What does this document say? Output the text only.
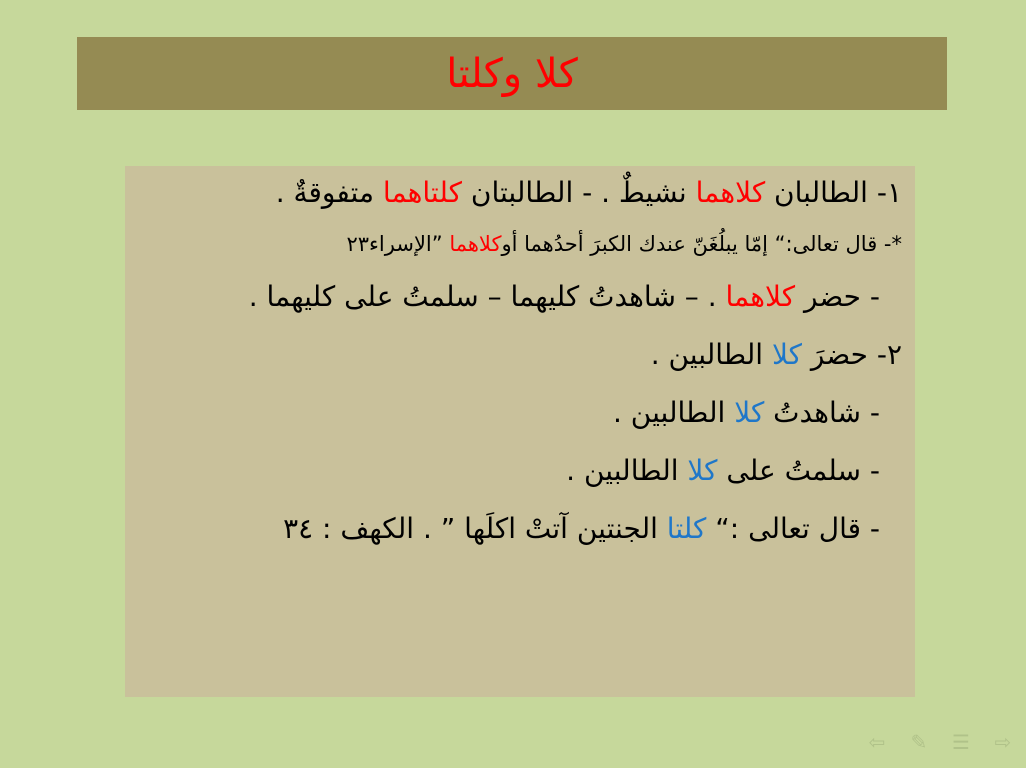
كلا وكلتا
١- الطالبان كلاهما نشيطٌ . - الطالبتان كلتاهما متفوقةٌ .
*- قال تعالى:“ إمّا يبلُغَنّ عندك الكبرَ أحدُهما أوكلاهما ”الإسراء٢٣
- حضر كلاهما . – شاهدتُ كليهما – سلمتُ على كليهما .
٢- حضرَ كلا الطالبين .
- شاهدتُ كلا الطالبين .
- سلمتُ على كلا الطالبين .
- قال تعالى :“ كلتا الجنتين آتتْ اكلَها ” . الكهف : ٣٤
⇦ ✎ ☰ ⇨
